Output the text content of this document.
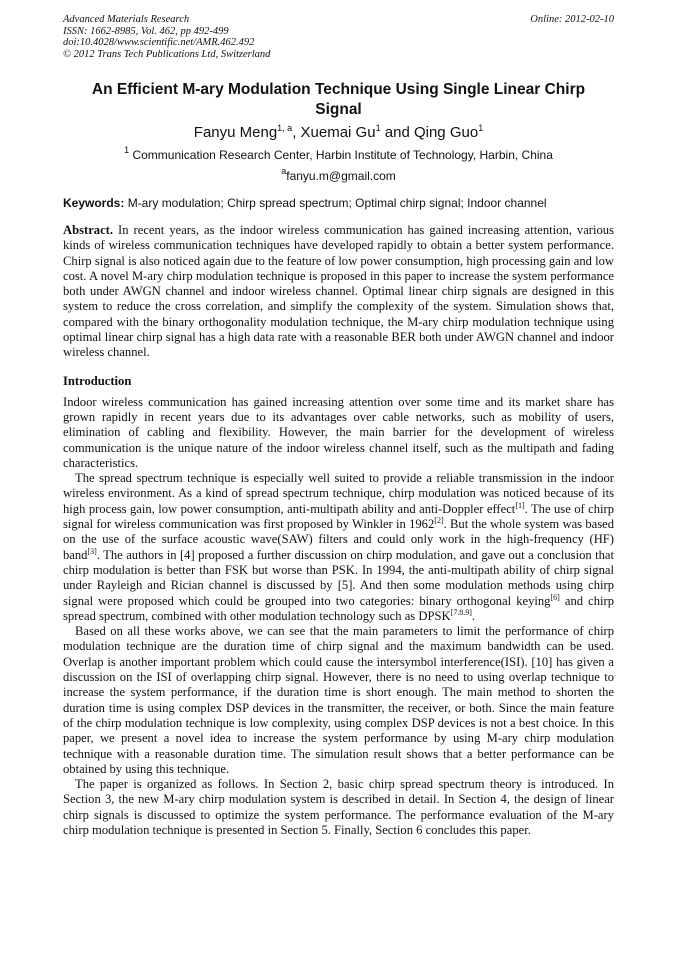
Advanced Materials Research
ISSN: 1662-8985, Vol. 462, pp 492-499
doi:10.4028/www.scientific.net/AMR.462.492
© 2012 Trans Tech Publications Ltd, Switzerland
Online: 2012-02-10
An Efficient M-ary Modulation Technique Using Single Linear Chirp Signal
Fanyu Meng$^{1, a}$, Xuemai Gu$^1$ and Qing Guo$^1$
$^1$ Communication Research Center, Harbin Institute of Technology, Harbin, China
$^a$fanyu.m@gmail.com
Keywords: M-ary modulation; Chirp spread spectrum; Optimal chirp signal; Indoor channel
Abstract. In recent years, as the indoor wireless communication has gained increasing attention, various kinds of wireless communication techniques have developed rapidly to obtain a better system performance. Chirp signal is also noticed again due to the feature of low power consumption, high processing gain and low cost. A novel M-ary chirp modulation technique is proposed in this paper to increase the system performance both under AWGN channel and indoor wireless channel. Optimal linear chirp signals are designed in this system to reduce the cross correlation, and simplify the complexity of the system. Simulation shows that, compared with the binary orthogonality modulation technique, the M-ary chirp modulation technique using optimal linear chirp signal has a high data rate with a reasonable BER both under AWGN channel and indoor wireless channel.
Introduction
Indoor wireless communication has gained increasing attention over some time and its market share has grown rapidly in recent years due to its advantages over cable networks, such as mobility of users, elimination of cabling and flexibility. However, the main barrier for the development of wireless communication is the unique nature of the indoor wireless channel itself, such as the multipath and fading characteristics.
The spread spectrum technique is especially well suited to provide a reliable transmission in the indoor wireless environment. As a kind of spread spectrum technique, chirp modulation was noticed because of its high process gain, low power consumption, anti-multipath ability and anti-Doppler effect[1]. The use of chirp signal for wireless communication was first proposed by Winkler in 1962[2]. But the whole system was based on the use of the surface acoustic wave(SAW) filters and could only work in the high-frequency (HF) band[3]. The authors in [4] proposed a further discussion on chirp modulation, and gave out a conclusion that chirp modulation is better than FSK but worse than PSK. In 1994, the anti-multipath ability of chirp signal under Rayleigh and Rician channel is discussed by [5]. And then some modulation methods using chirp signal were proposed which could be grouped into two categories: binary orthogonal keying[6] and chirp spread spectrum, combined with other modulation technology such as DPSK[7.8.9].
Based on all these works above, we can see that the main parameters to limit the performance of chirp modulation technique are the duration time of chirp signal and the maximum bandwidth can be used. Overlap is another important problem which could cause the intersymbol interference(ISI). [10] has given a discussion on the ISI of overlapping chirp signal. However, there is no need to using overlap technique to increase the system performance, if the duration time is short enough. The main method to shorten the duration time is using complex DSP devices in the transmitter, the receiver, or both. Since the main feature of the chirp modulation technique is low complexity, using complex DSP devices is not a best choice. In this paper, we present a novel idea to increase the system performance by using M-ary chirp modulation technique with a reasonable duration time. The simulation result shows that a better performance can be obtained by using this technique.
The paper is organized as follows. In Section 2, basic chirp spread spectrum theory is introduced. In Section 3, the new M-ary chirp modulation system is described in detail. In Section 4, the design of linear chirp signals is discussed to optimize the system performance. The performance evaluation of the M-ary chirp modulation technique is presented in Section 5. Finally, Section 6 concludes this paper.
